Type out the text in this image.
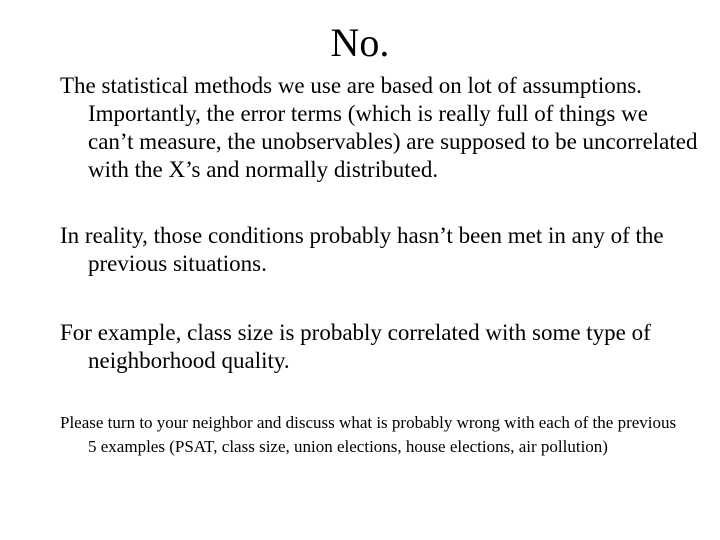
No.

The statistical methods we use are based on lot of assumptions. Importantly, the error terms (which is really full of things we can’t measure, the unobservables) are supposed to be uncorrelated with the X’s and normally distributed.

In reality, those conditions probably hasn’t been met in any of the previous situations.

For example, class size is probably correlated with some type of neighborhood quality.

Please turn to your neighbor and discuss what is probably wrong with each of the previous 5 examples (PSAT, class size, union elections, house elections, air pollution)
